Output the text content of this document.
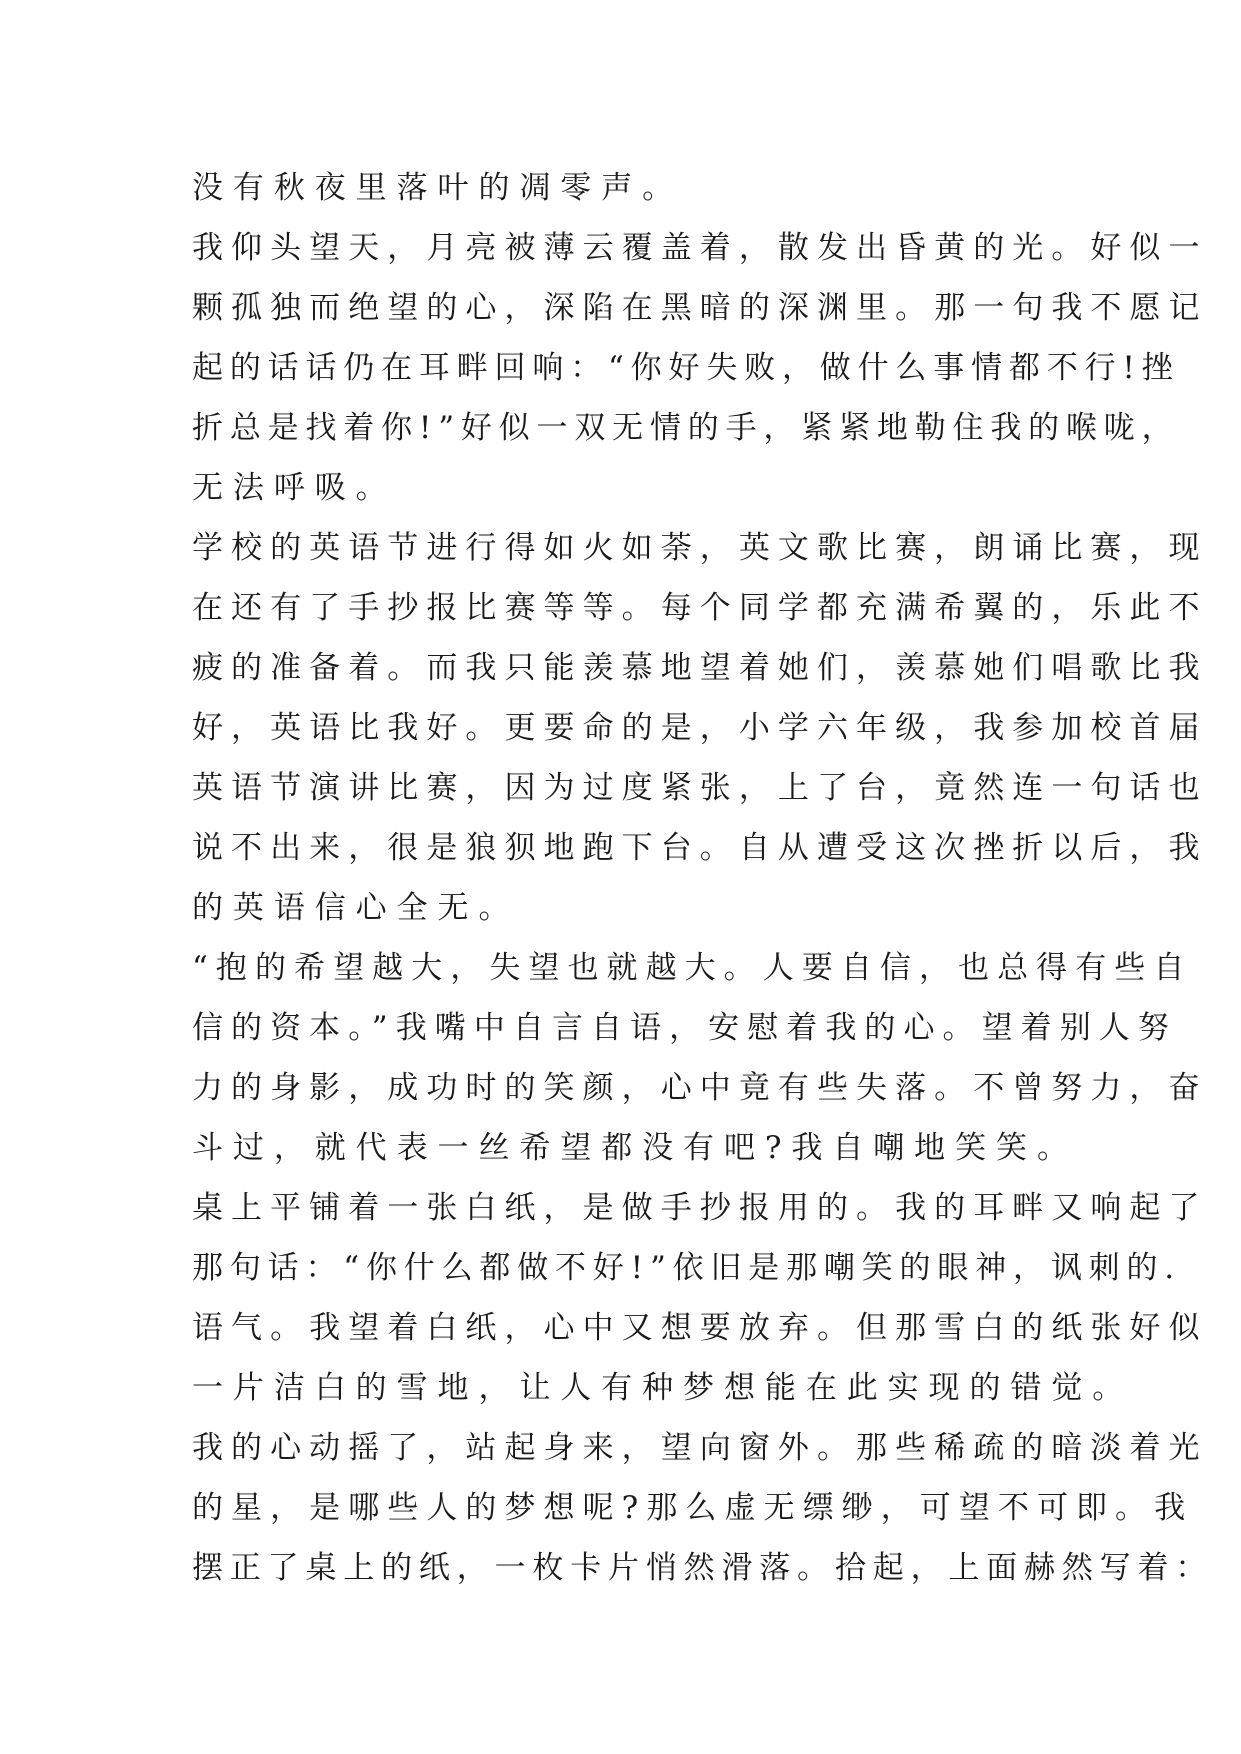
没有秋夜里落叶的凋零声。
我仰头望天，月亮被薄云覆盖着，散发出昏黄的光。好似一
颗孤独而绝望的心，深陷在黑暗的深渊里。那一句我不愿记
起的话话仍在耳畔回响：“你好失败，做什么事情都不行!挫
折总是找着你!”好似一双无情的手，紧紧地勒住我的喉咙，
无法呼吸。
学校的英语节进行得如火如荼，英文歌比赛，朗诵比赛，现
在还有了手抄报比赛等等。每个同学都充满希翼的，乐此不
疲的准备着。而我只能羡慕地望着她们，羡慕她们唱歌比我
好，英语比我好。更要命的是，小学六年级，我参加校首届
英语节演讲比赛，因为过度紧张，上了台，竟然连一句话也
说不出来，很是狼狈地跑下台。自从遭受这次挫折以后，我
的英语信心全无。
“抱的希望越大，失望也就越大。人要自信，也总得有些自
信的资本。”我嘴中自言自语，安慰着我的心。望着别人努
力的身影，成功时的笑颜，心中竟有些失落。不曾努力，奋
斗过，就代表一丝希望都没有吧?我自嘲地笑笑。
桌上平铺着一张白纸，是做手抄报用的。我的耳畔又响起了
那句话：“你什么都做不好!”依旧是那嘲笑的眼神，讽刺的.
语气。我望着白纸，心中又想要放弃。但那雪白的纸张好似
一片洁白的雪地，让人有种梦想能在此实现的错觉。
我的心动摇了，站起身来，望向窗外。那些稀疏的暗淡着光
的星，是哪些人的梦想呢?那么虚无缥缈，可望不可即。我
摆正了桌上的纸，一枚卡片悄然滑落。拾起，上面赫然写着：
